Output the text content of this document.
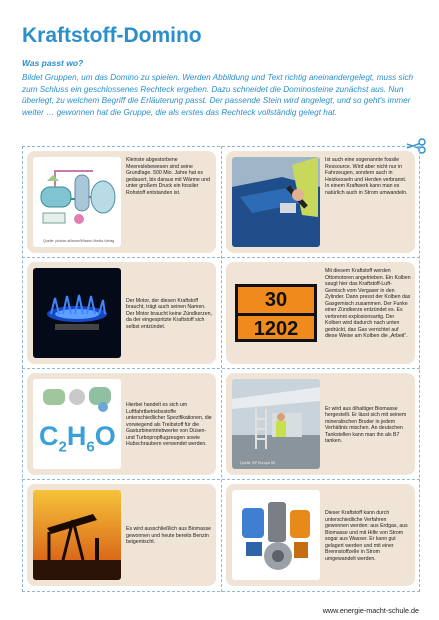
Kraftstoff-Domino
Was passt wo?
Bildet Gruppen, um das Domino zu spielen. Werden Abbildung und Text richtig aneinandergelegt, muss sich zum Schluss ein geschlossenes Rechteck ergeben. Dazu schneidet die Dominosteine zunächst aus. Nun überlegt, zu welchem Begriff die Erläuterung passt. Der passende Stein wird angelegt, und so geht's immer weiter … gewonnen hat die Gruppe, die als erstes das Rechteck vollständig gelegt hat.
Quelle: picture-alliance/Wissen Media Verlag
Kleinste abgestorbene Meereslebewesen sind seine Grundlage. 500 Mio. Jahre hat es gedauert, bis daraus mit Wärme und unter großem Druck ein fossiler Rohstoff entstanden ist.
Ist auch eine sogenannte fossile Ressource. Wird aber nicht nur in Fahrzeugen, sondern auch in Heizkesseln und Herden verbrannt. In einem Kraftwerk kann man es natürlich auch in Strom umwandeln.
Der Motor, der diesen Kraftstoff braucht, trägt auch seinen Namen. Der Motor braucht keine Zündkerzen, da der eingespritzte Kraftstoff sich selbst entzündet.
30
1202
Mit diesem Kraftstoff werden Ottomotoren angetrieben. Ein Kolben saugt hier das Kraftstoff-Luft-Gemisch vom Vergaser in den Zylinder. Dann presst der Kolben das Gasgemisch zusammen. Der Funke einer Zündkerze entzündet es. Es verbrennt explosionsartig. Der Kolben wird dadurch nach unten gedrückt, das Gas verrichtet auf diese Weise am Kolben die „Arbeit“.
$C_2H_6O$
Hierbei handelt es sich um Luftfahrtbetriebsstoffe unterschiedlicher Spezifikationen, die vorwiegend als Treibstoff für die Gasturbinentriebwerke von Düsen- und Turbopropflugzeugen sowie Hubschraubern verwendet werden.
Quelle: BP Europa SE
Er wird aus ölhaltiger Biomasse hergestellt. Er lässt sich mit seinem mineralischen Bruder in jedem Verhältnis mischen. An deutschen Tankstellen kann man ihn als B7 tanken.
Es wird ausschließlich aus Biomasse gewonnen und heute bereits Benzin beigemischt.
Dieser Kraftstoff kann durch unterschiedliche Verfahren gewonnen werden: aus Erdgas, aus Biomasse und mit Hilfe von Strom sogar aus Wasser. Er kann gut gelagert werden und mit einer Brennstoffzelle in Strom umgewandelt werden.
www.energie-macht-schule.de
